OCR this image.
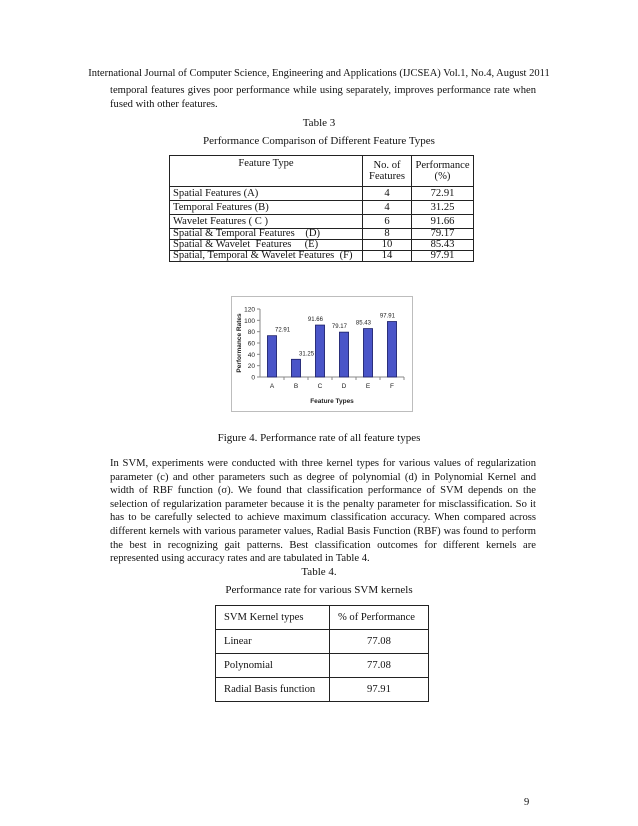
International Journal of Computer Science, Engineering and Applications (IJCSEA) Vol.1, No.4, August 2011
temporal features gives poor performance while using separately, improves performance rate when fused with other features.
Table 3
Performance Comparison of Different Feature Types
Feature Type	No. of Features	Performance (%)
Spatial Features (A)	4	72.91
Temporal Features (B)	4	31.25
Wavelet Features ( C )	6	91.66
Spatial & Temporal Features    (D)	8	79.17
Spatial & Wavelet  Features     (E)	10	85.43
Spatial, Temporal & Wavelet Features  (F)	14	97.91
0
20
40
60
80
100
120
A
72.91
B
31.25
C
91.66
D
79.17
E
85.43
F
97.91
Feature Types
Performance Rates
Figure 4. Performance rate of all feature types
In SVM, experiments were conducted with three kernel types for various values of regularization parameter (c) and other parameters such as degree of polynomial (d) in Polynomial Kernel and width of RBF function (σ). We found that classification performance of SVM depends on the selection of regularization parameter because it is the penalty parameter for misclassification. So it has to be carefully selected to achieve maximum classification accuracy. When compared across different kernels with various parameter values, Radial Basis Function (RBF) was found to perform the best in recognizing gait patterns. Best classification outcomes for different kernels are represented using accuracy rates and are tabulated in Table 4.
Table 4.
Performance rate for various SVM kernels
SVM Kernel types	% of Performance
Linear	77.08
Polynomial	77.08
Radial Basis function	97.91
9
